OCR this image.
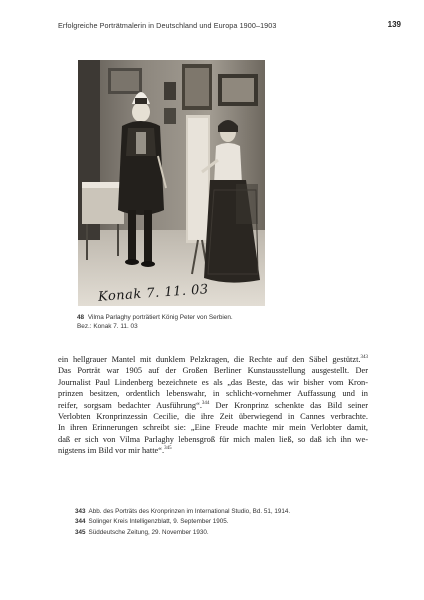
Erfolgreiche Porträtmalerin in Deutschland und Europa 1900–1903	139
Konak 7. 11. 03
48 Vilma Parlaghy porträtiert König Peter von Serbien.
Bez.: Konak 7. 11. 03

ein hellgrauer Mantel mit dunklem Pelzkragen, die Rechte auf den Säbel gestützt.$^{343}$
Das Porträt war 1905 auf der Großen Berliner Kunstausstellung ausgestellt. Der
Journalist Paul Lindenberg bezeichnete es als „das Beste, das wir bisher vom Kron-
prinzen besitzen, ordentlich lebenswahr, in schlicht-vornehmer Auffassung und in
reifer, sorgsam bedachter Ausführung“.$^{344}$ Der Kronprinz schenkte das Bild seiner
Verlobten Kronprinzessin Cecilie, die ihre Zeit überwiegend in Cannes verbrachte.
In ihren Erinnerungen schreibt sie: „Eine Freude machte mir mein Verlobter damit,
daß er sich von Vilma Parlaghy lebensgroß für mich malen ließ, so daß ich ihn we-
nigstens im Bild vor mir hatte“.$^{345}$

343 Abb. des Porträts des Kronprinzen im International Studio, Bd. 51, 1914.
344 Solinger Kreis Intelligenzblatt, 9. September 1905.
345 Süddeutsche Zeitung, 29. November 1930.
